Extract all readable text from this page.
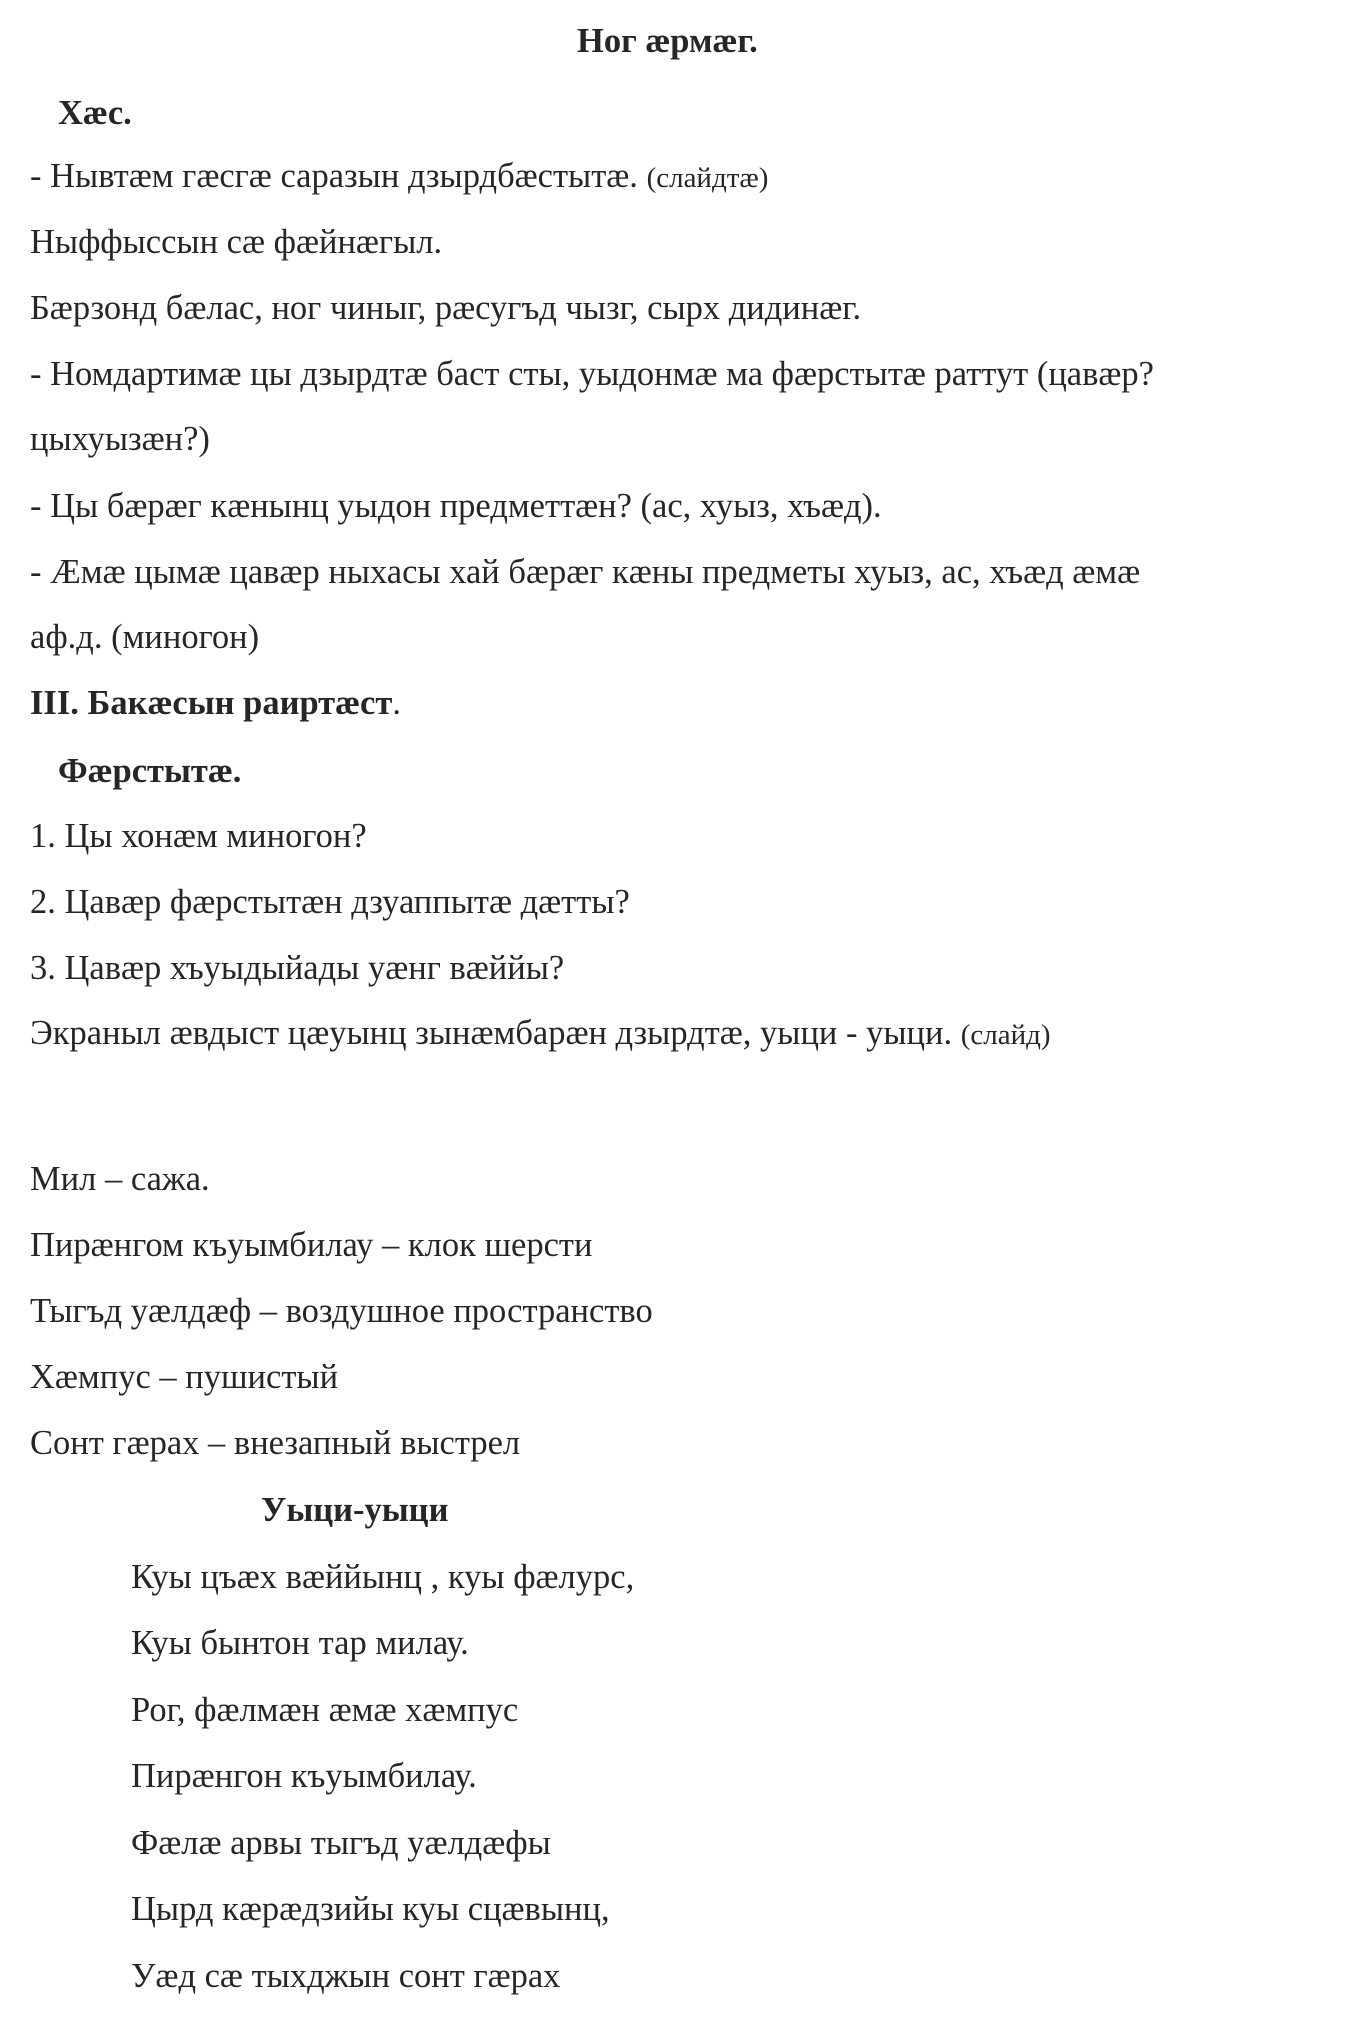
Ног æрмæг.
Хæс.
- Нывтæм гæсгæ саразын дзырдбæстытæ. (слайдтæ)
Ныффыссын сæ фæйнæгыл.
Бæрзонд бæлас, ног чиныг, рæсугъд чызг, сырх дидинæг.
- Номдартимæ цы дзырдтæ баст сты, уыдонмæ ма фæрстытæ раттут (цавæр?
цыхуызæн?)
- Цы бæрæг кæнынц уыдон предметтæн? (ас, хуыз, хъæд).
- Æмæ цымæ цавæр ныхасы хай бæрæг кæны предметы хуыз, ас, хъæд æмæ
аф.д. (миногон)
III. Бакæсын раиртæст.
Фæрстытæ.
1. Цы хонæм миногон?
2. Цавæр фæрстытæн дзуаппытæ дæтты?
3. Цавæр хъуыдыйады уæнг вæййы?
Экраныл æвдыст цæуынц зынæмбарæн дзырдтæ, уыци - уыци. (слайд)
Мил – сажа.
Пирæнгом къуымбилау – клок шерсти
Тыгъд уæлдæф – воздушное пространство
Хæмпус – пушистый
Сонт гæрах – внезапный выстрел
Уыци-уыци
Куы цъæх вæййынц , куы фæлурс,
Куы бынтон тар милау.
Рог, фæлмæн æмæ хæмпус
Пирæнгон къуымбилау.
Фæлæ арвы тыгъд уæлдæфы
Цырд кæрæдзийы куы сцæвынц,
Уæд сæ тыхджын сонт гæрах
